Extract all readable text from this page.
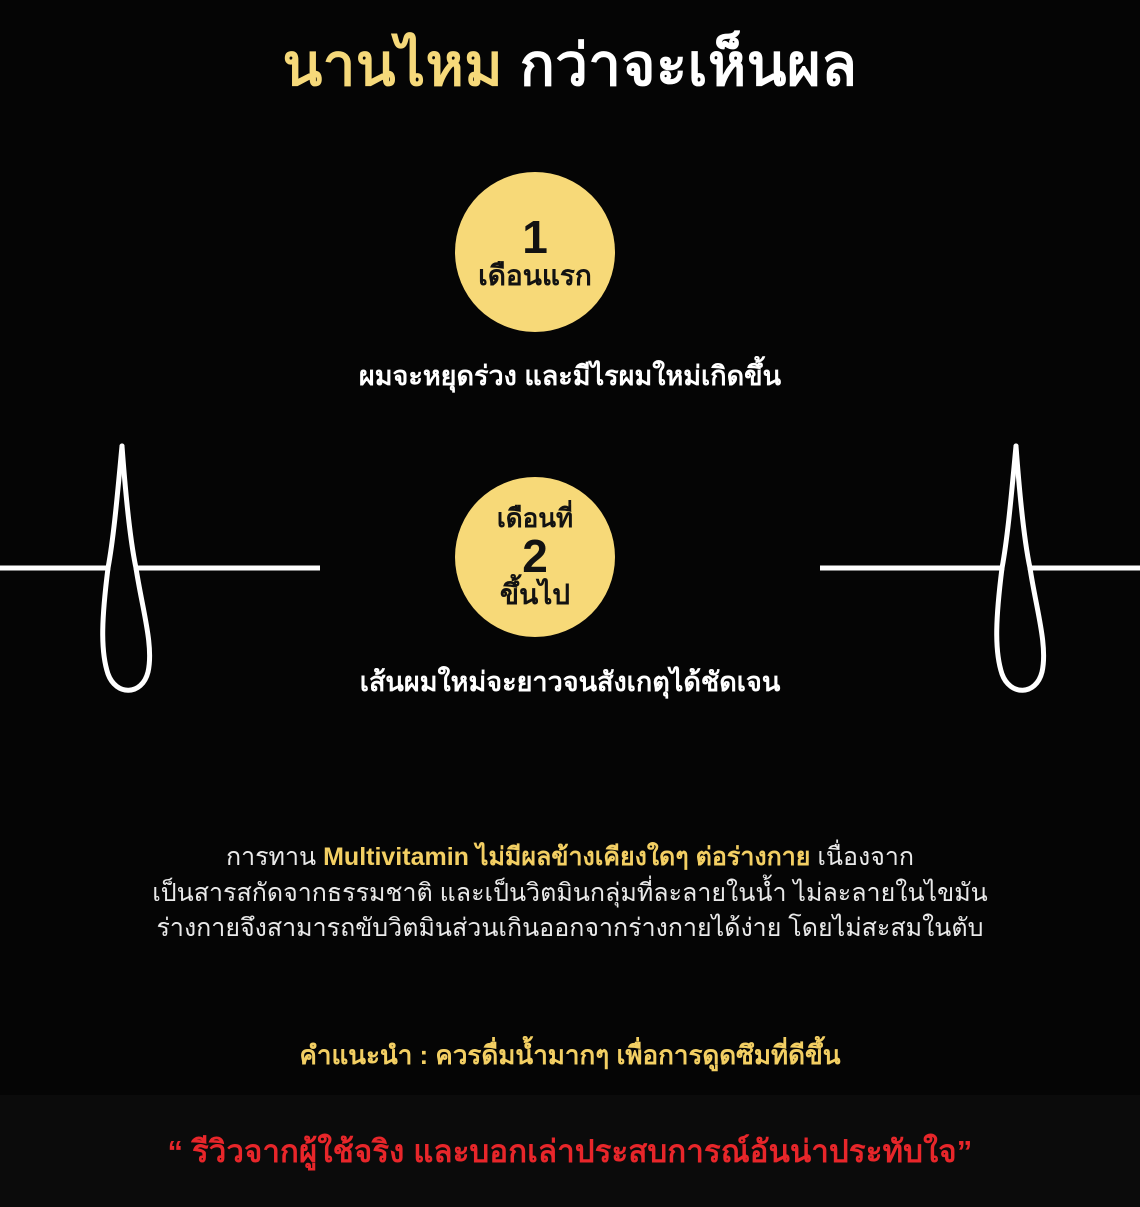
นานไหม กว่าจะเห็นผล
1
เดือนแรก
ผมจะหยุดร่วง และมีไรผมใหม่เกิดขึ้น
เดือนที่
2
ขึ้นไป
เส้นผมใหม่จะยาวจนสังเกตุได้ชัดเจน
การทาน Multivitamin ไม่มีผลข้างเคียงใดๆ ต่อร่างกาย เนื่องจาก
เป็นสารสกัดจากธรรมชาติ และเป็นวิตมินกลุ่มที่ละลายในน้ำ ไม่ละลายในไขมัน
ร่างกายจึงสามารถขับวิตมินส่วนเกินออกจากร่างกายได้ง่าย โดยไม่สะสมในตับ
คำแนะนำ : ควรดื่มน้ำมากๆ เพื่อการดูดซึมที่ดีขึ้น
“ รีวิวจากผู้ใช้จริง และบอกเล่าประสบการณ์อันน่าประทับใจ”
